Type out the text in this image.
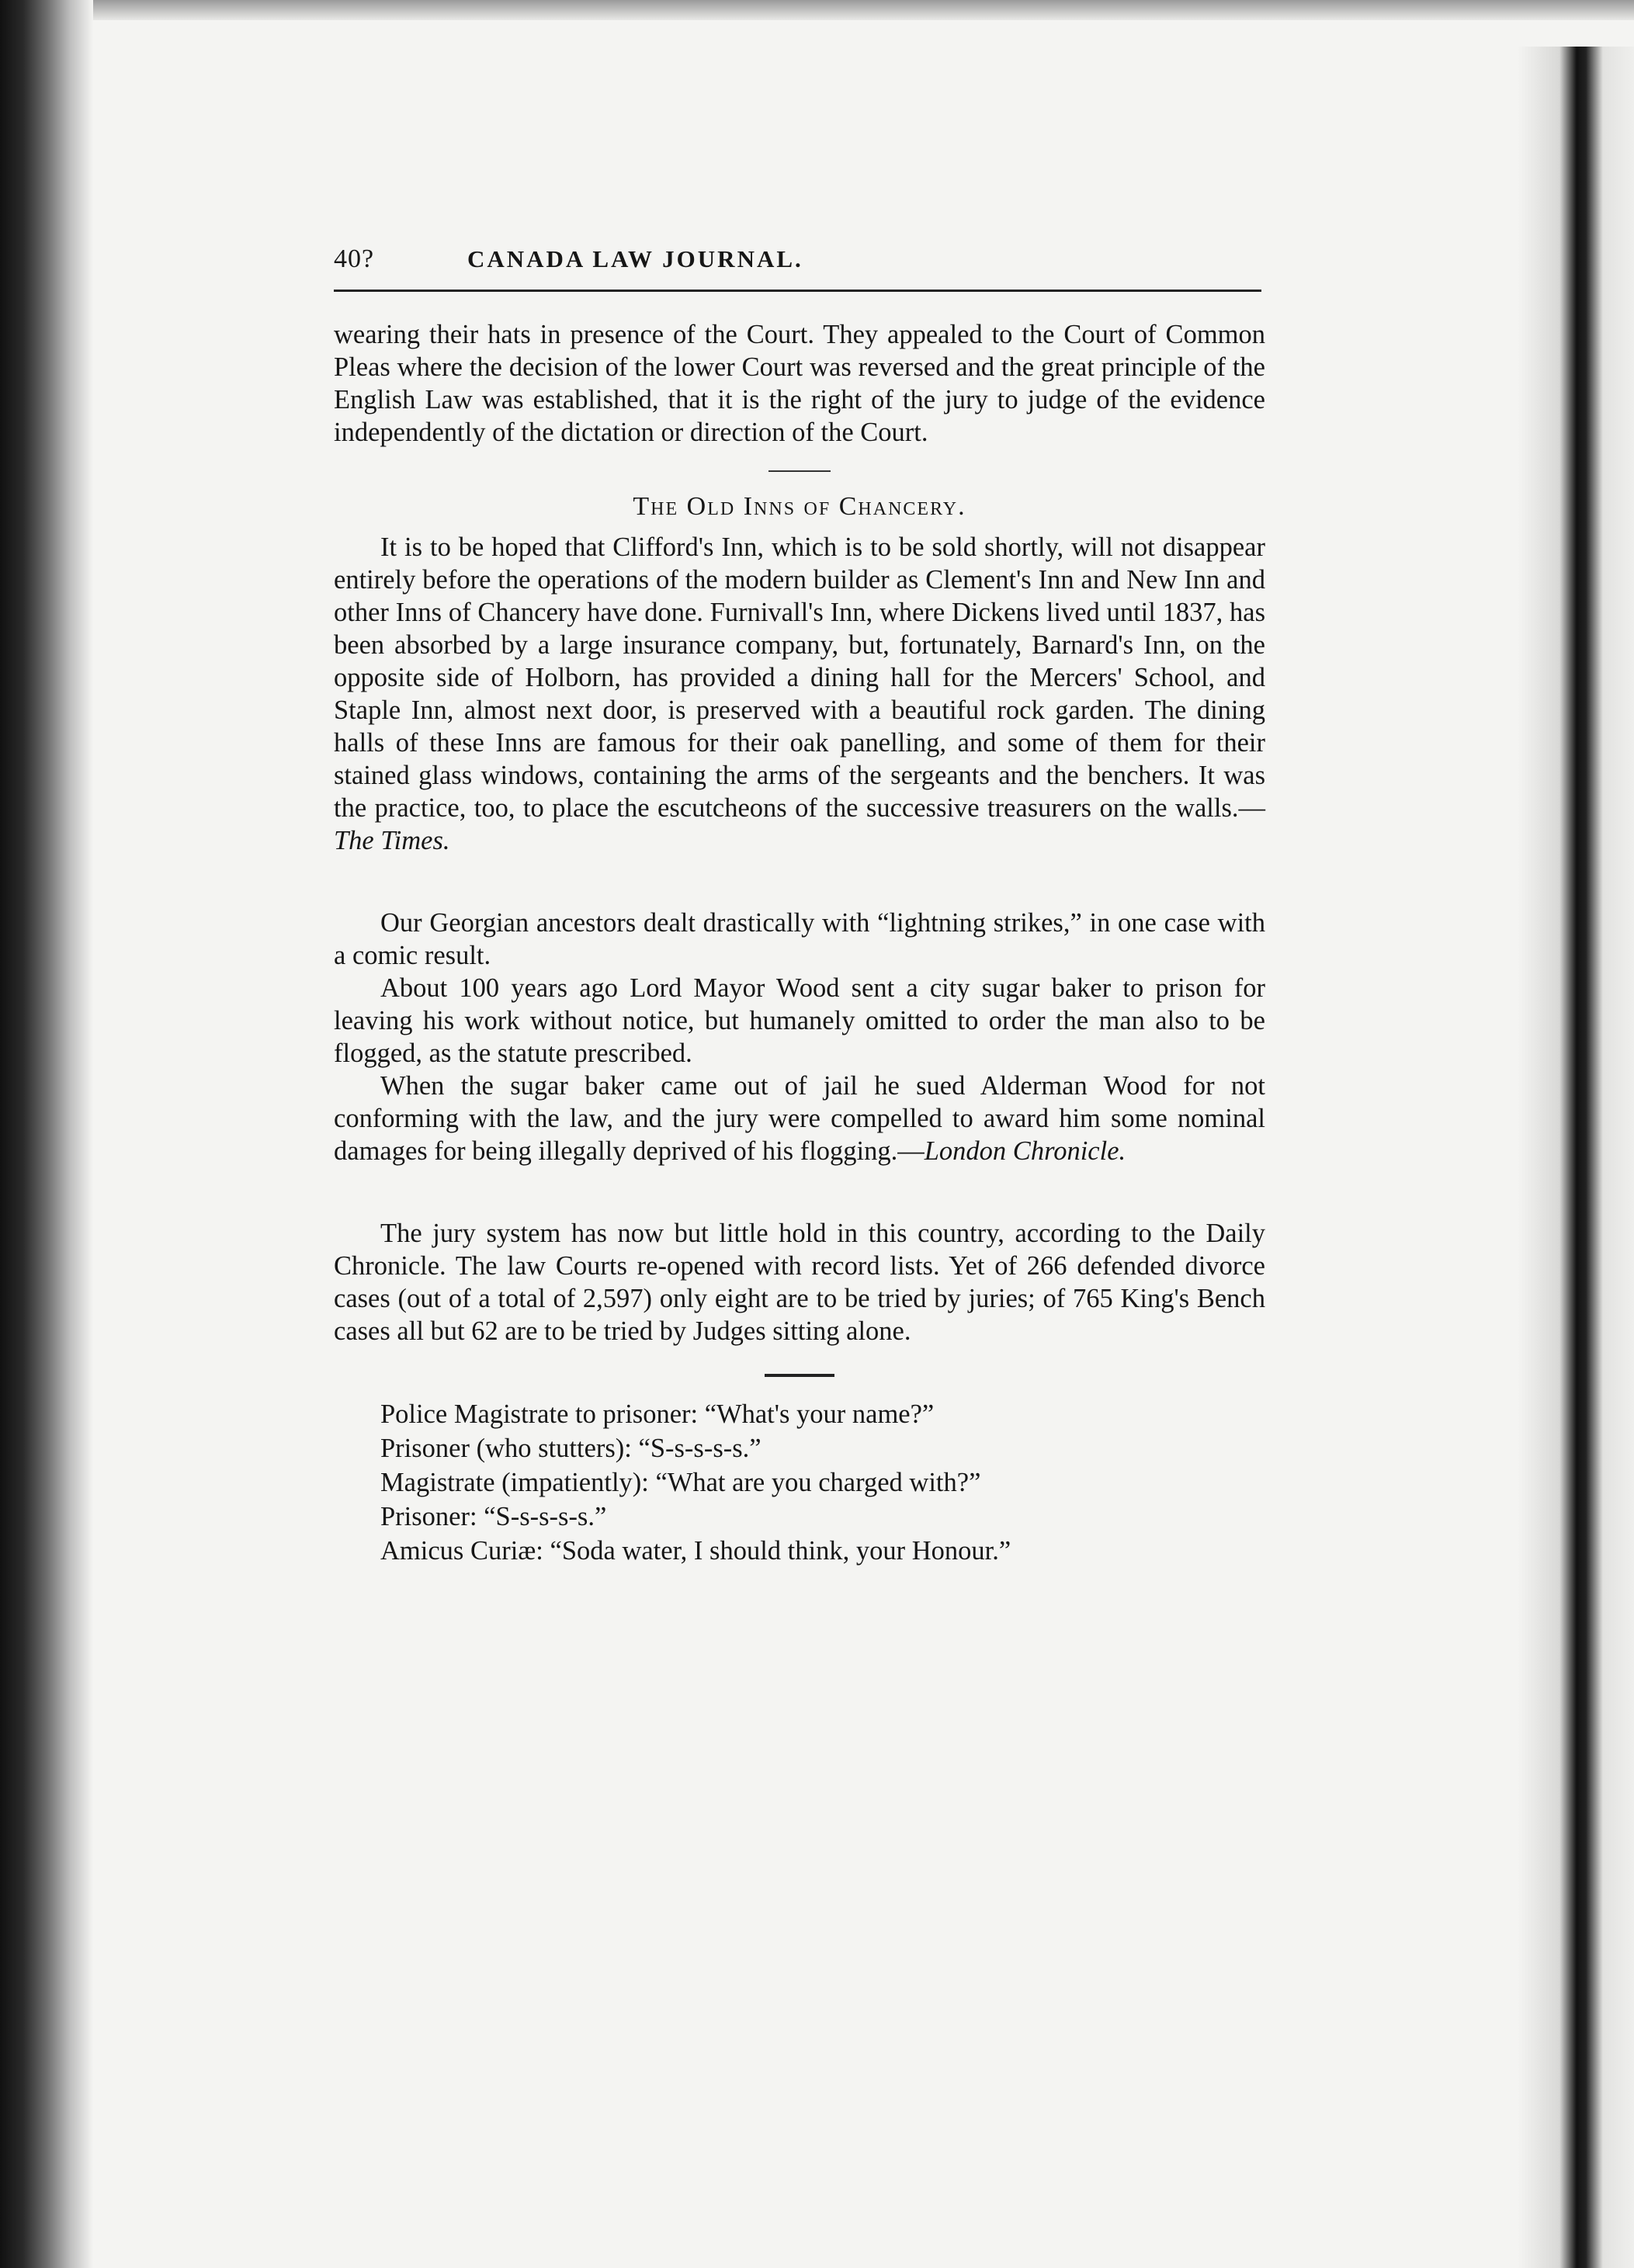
40?	CANADA LAW JOURNAL.

wearing their hats in presence of the Court. They appealed to the Court of Common Pleas where the decision of the lower Court was reversed and the great principle of the English Law was established, that it is the right of the jury to judge of the evidence independently of the dictation or direction of the Court.

The Old Inns of Chancery.

It is to be hoped that Clifford's Inn, which is to be sold shortly, will not disappear entirely before the operations of the modern builder as Clement's Inn and New Inn and other Inns of Chancery have done. Furnivall's Inn, where Dickens lived until 1837, has been absorbed by a large insurance company, but, fortunately, Barnard's Inn, on the opposite side of Holborn, has provided a dining hall for the Mercers' School, and Staple Inn, almost next door, is preserved with a beautiful rock garden. The dining halls of these Inns are famous for their oak panelling, and some of them for their stained glass windows, containing the arms of the sergeants and the benchers. It was the practice, too, to place the escutcheons of the successive treasurers on the walls.—The Times.

Our Georgian ancestors dealt drastically with “lightning strikes,” in one case with a comic result.

About 100 years ago Lord Mayor Wood sent a city sugar baker to prison for leaving his work without notice, but humanely omitted to order the man also to be flogged, as the statute prescribed.

When the sugar baker came out of jail he sued Alderman Wood for not conforming with the law, and the jury were compelled to award him some nominal damages for being illegally deprived of his flogging.—London Chronicle.

The jury system has now but little hold in this country, according to the Daily Chronicle. The law Courts re-opened with record lists. Yet of 266 defended divorce cases (out of a total of 2,597) only eight are to be tried by juries; of 765 King's Bench cases all but 62 are to be tried by Judges sitting alone.

Police Magistrate to prisoner: “What's your name?”

Prisoner (who stutters): “S-s-s-s-s.”

Magistrate (impatiently): “What are you charged with?”

Prisoner: “S-s-s-s-s.”

Amicus Curiæ: “Soda water, I should think, your Honour.”
